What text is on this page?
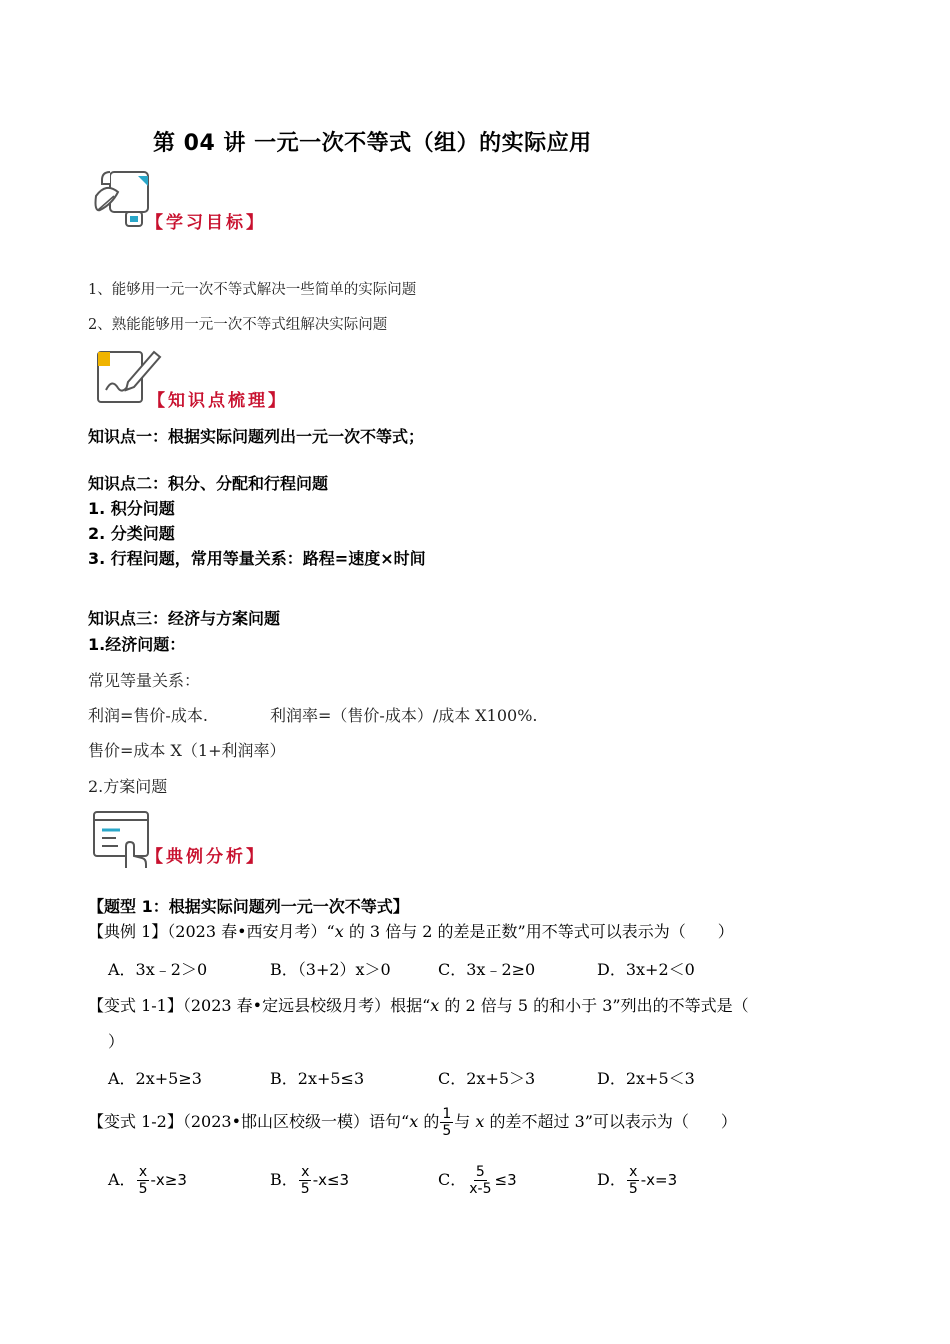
第 04 讲 一元一次不等式（组）的实际应用
【学习目标】
1、能够用一元一次不等式解决一些简单的实际问题
2、熟能能够用一元一次不等式组解决实际问题
【知识点梳理】
知识点一：根据实际问题列出一元一次不等式；
知识点二：积分、分配和行程问题
1. 积分问题
2. 分类问题
3. 行程问题，常用等量关系：路程=速度×时间
知识点三：经济与方案问题
1.经济问题：
常见等量关系：
利润=售价-成本.	利润率=（售价-成本）/成本 X100%.
售价=成本 X（1+利润率）
2.方案问题
【典例分析】
【题型 1：根据实际问题列一元一次不等式】
【典例 1】（2023 春•西安月考）“x 的 3 倍与 2 的差是正数”用不等式可以表示为（　　）
A．3x﹣2＞0	B．（3+2）x＞0	C．3x﹣2≥0	D．3x+2＜0
【变式 1-1】（2023 春•定远县校级月考）根据“x 的 2 倍与 5 的和小于 3”列出的不等式是（
）
A．2x+5≥3	B．2x+5≤3	C．2x+5＞3	D．2x+5＜3
【变式 1-2】（2023•邯山区校级一模）语句“x 的 $\frac{1}{5}$ 与 x 的差不超过 3”可以表示为（　　）
A． $\frac{x}{5} -x\ge 3$	B． $\frac{x}{5} -x\le 3$	C． $\frac{5}{x-5} \le 3$	D． $\frac{x}{5} -x=3$
